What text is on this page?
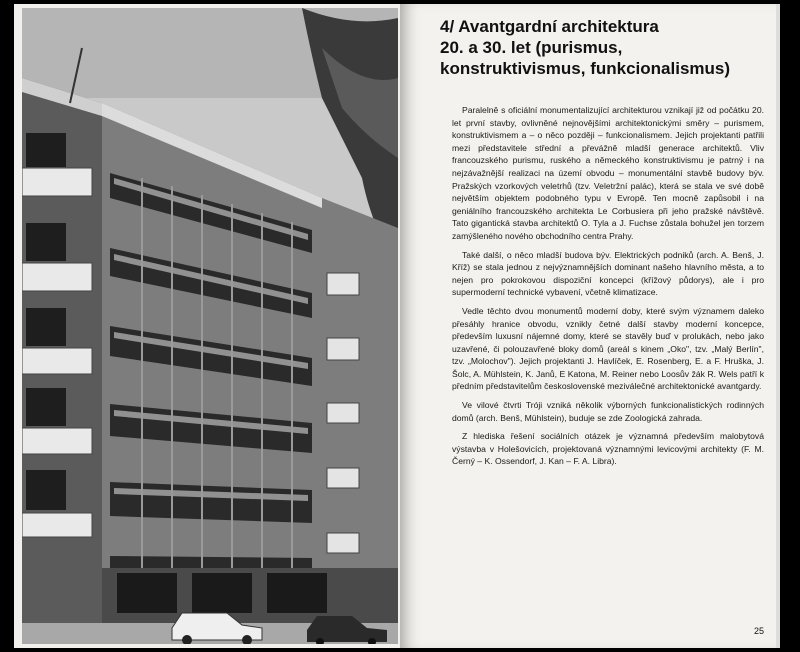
4/ Avantgardní architektura
20. a 30. let (purismus,
konstruktivismus, funkcionalismus)

Paralelně s oficiální monumentalizující architekturou vznikají již od počátku 20. let první stavby, ovlivněné nejnovějšími architektonickými směry – purismem, konstruktivismem a – o něco později – funkcionalismem. Jejich projektanti patřili mezi představitele střední a převážně mladší generace architektů. Vliv francouzského purismu, ruského a německého konstruktivismu je patrný i na nejzávažnější realizaci na území obvodu – monumentální stavbě budovy býv. Pražských vzorkových veletrhů (tzv. Veletržní palác), která se stala ve své době největším objektem podobného typu v Evropě. Ten mocně zapůsobil i na geniálního francouzského architekta Le Corbusiera při jeho pražské návštěvě. Tato gigantická stavba architektů O. Tyla a J. Fuchse zůstala bohužel jen torzem zamýšleného nového obchodního centra Prahy.

Také další, o něco mladší budova býv. Elektrických podniků (arch. A. Benš, J. Kříž) se stala jednou z nejvýznamnějších dominant našeho hlavního města, a to nejen pro pokrokovou dispoziční koncepci (křížový půdorys), ale i pro supermoderní technické vybavení, včetně klimatizace.

Vedle těchto dvou monumentů moderní doby, které svým významem daleko přesáhly hranice obvodu, vznikly četné další stavby moderní koncepce, především luxusní nájemné domy, které se stavěly buď v prolukách, nebo jako uzavřené, či polouzavřené bloky domů (areál s kinem „Oko", tzv. „Malý Berlín", tzv. „Molochov"). Jejich projektanti J. Havlíček, E. Rosenberg, E. a F. Hruška, J. Šolc, A. Mühlstein, K. Janů, E Katona, M. Reiner nebo Loosův žák R. Wels patří k předním představitelům československé meziválečné architektonické avantgardy.

Ve vilové čtvrti Tróji vzniká několik výborných funkcionalistických rodinných domů (arch. Benš, Mühlstein), buduje se zde Zoologická zahrada.

Z hlediska řešení sociálních otázek je významná především malobytová výstavba v Holešovicích, projektovaná významnými levicovými architekty (F. M. Černý – K. Ossendorf, J. Kan – F. A. Libra).

25
